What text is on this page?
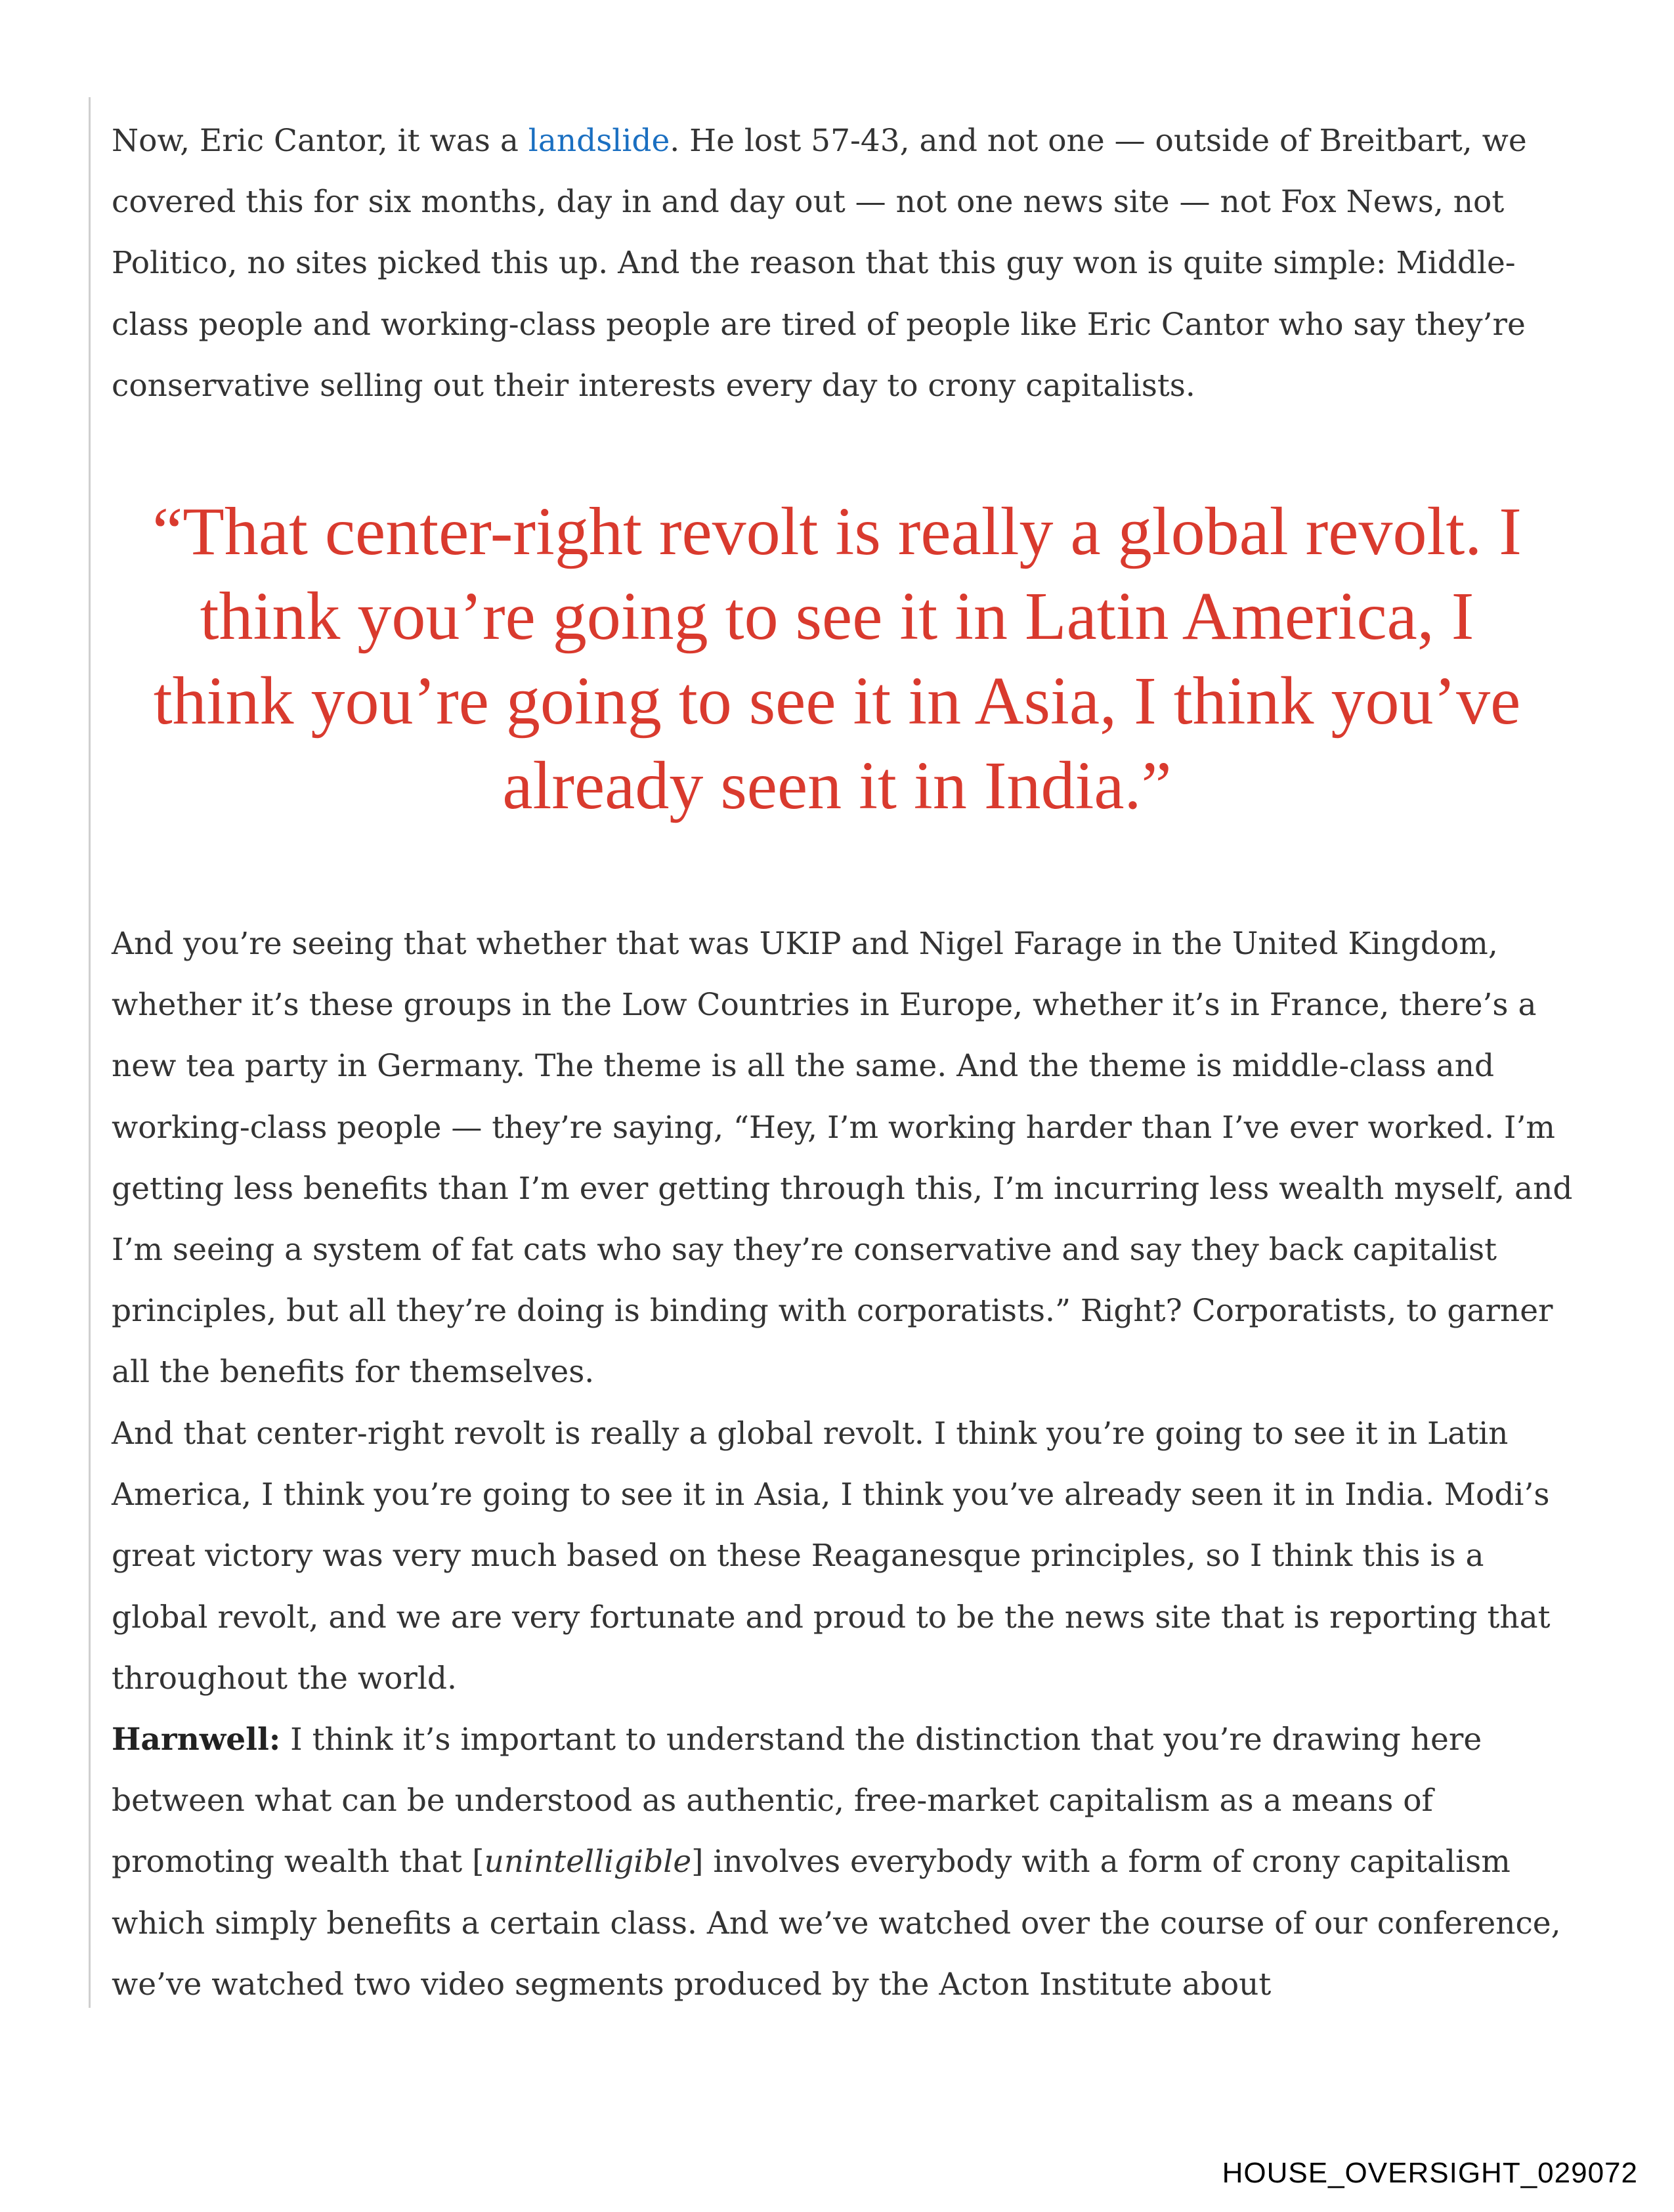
Now, Eric Cantor, it was a landslide. He lost 57-43, and not one — outside of Breitbart, we covered this for six months, day in and day out — not one news site — not Fox News, not Politico, no sites picked this up. And the reason that this guy won is quite simple: Middle-class people and working-class people are tired of people like Eric Cantor who say they’re conservative selling out their interests every day to crony capitalists.

“That center-right revolt is really a global revolt. I think you’re going to see it in Latin America, I think you’re going to see it in Asia, I think you’ve already seen it in India.”

And you’re seeing that whether that was UKIP and Nigel Farage in the United Kingdom, whether it’s these groups in the Low Countries in Europe, whether it’s in France, there’s a new tea party in Germany. The theme is all the same. And the theme is middle-class and working-class people — they’re saying, “Hey, I’m working harder than I’ve ever worked. I’m getting less benefits than I’m ever getting through this, I’m incurring less wealth myself, and I’m seeing a system of fat cats who say they’re conservative and say they back capitalist principles, but all they’re doing is binding with corporatists.” Right? Corporatists, to garner all the benefits for themselves.

And that center-right revolt is really a global revolt. I think you’re going to see it in Latin America, I think you’re going to see it in Asia, I think you’ve already seen it in India. Modi’s great victory was very much based on these Reaganesque principles, so I think this is a global revolt, and we are very fortunate and proud to be the news site that is reporting that throughout the world.

Harnwell: I think it’s important to understand the distinction that you’re drawing here between what can be understood as authentic, free-market capitalism as a means of promoting wealth that [unintelligible] involves everybody with a form of crony capitalism which simply benefits a certain class. And we’ve watched over the course of our conference, we’ve watched two video segments produced by the Acton Institute about

HOUSE_OVERSIGHT_029072
